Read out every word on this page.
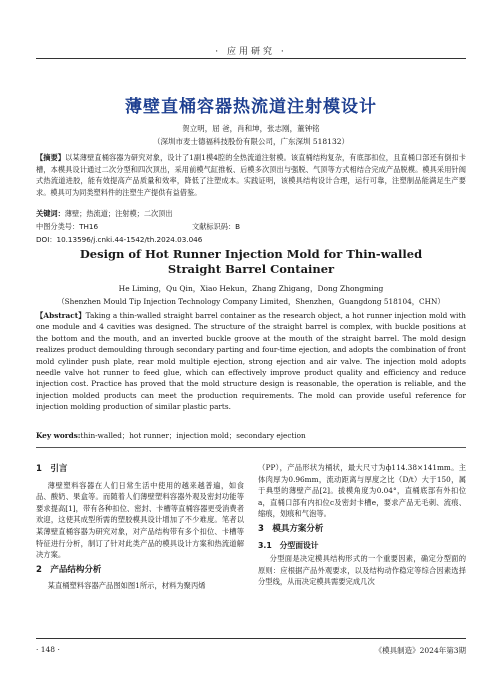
· 应用研究 ·
薄壁直桶容器热流道注射模设计
贺立明，屈 爸，肖和坤，张志刚，董钟铭
（深圳市麦士德福科技股份有限公司，广东深圳 518132）
【摘要】以某薄壁直桶容器为研究对象，设计了1副1模4腔的全热流道注射模。该直桶结构复杂，有底部扣位，且直桶口部还有倒扣卡槽，本模具设计通过二次分型和四次顶出，采用前模气缸推板、后模多次顶出与强脱、气顶等方式相结合完成产品脱模。模具采用针阀式热流道进胶，能有效提高产品质量和效率，降低了注塑成本。实践证明，该模具结构设计合理，运行可靠，注塑制品能满足生产要求。模具可为同类塑料件的注塑生产提供有益借鉴。
关键词：薄壁；热流道；注射模；二次顶出
中图分类号：TH16	文献标识码：B
DOI：10.13596/j.cnki.44-1542/th.2024.03.046
Design of Hot Runner Injection Mold for Thin-walled
Straight Barrel Container
He Liming，Qu Qin，Xiao Hekun，Zhang Zhigang，Dong Zhongming
（Shenzhen Mould Tip Injection Technology Company Limited，Shenzhen，Guangdong 518104，CHN）
【Abstract】Taking a thin-walled straight barrel container as the research object, a hot runner injection mold with one module and 4 cavities was designed. The structure of the straight barrel is complex, with buckle positions at the bottom and the mouth, and an inverted buckle groove at the mouth of the straight barrel. The mold design realizes product demoulding through secondary parting and four-time ejection, and adopts the combination of front mold cylinder push plate, rear mold multiple ejection, strong ejection and air valve. The injection mold adopts needle valve hot runner to feed glue, which can effectively improve product quality and efficiency and reduce injection cost. Practice has proved that the mold structure design is reasonable, the operation is reliable, and the injection molded products can meet the production requirements. The mold can provide useful reference for injection molding production of similar plastic parts.
Key words:thin-walled；hot runner；injection mold；secondary ejection
1　引言

薄壁塑料容器在人们日常生活中使用的越来越普遍，如食品、酸奶、果盒等。而随着人们薄壁塑料容器外观及密封功能等要求提高[1]，带有各种扣位、密封、卡槽等直桶容器更受消费者欢迎，这使其成型所需的塑胶模具设计增加了不少难度。笔者以某薄壁直桶容器为研究对象，对产品结构带有多个扣位、卡槽等特征进行分析，制订了针对此类产品的模具设计方案和热流道解决方案。

2　产品结构分析

某直桶塑料容器产品图如图1所示，材料为聚丙烯

（PP），产品形状为桶状，最大尺寸为ф114.38×141mm。主体肉厚为0.96mm，流动距离与厚度之比（D/t）大于150，属于典型的薄壁产品[2]。拔模角度为0.04°，直桶底部有外扣位a，直桶口部有内扣位c及密封卡槽e，要求产品无毛刺、流痕、缩痕，划痕和气泡等。

3　模具方案分析
3.1　分型面设计

分型面是决定模具结构形式的一个重要因素，确定分型面的原则：应根据产品外观要求，以及结构动作稳定等综合因素选择分型线，从而决定模具需要完成几次

· 148 ·	《模具制造》2024年第3期
